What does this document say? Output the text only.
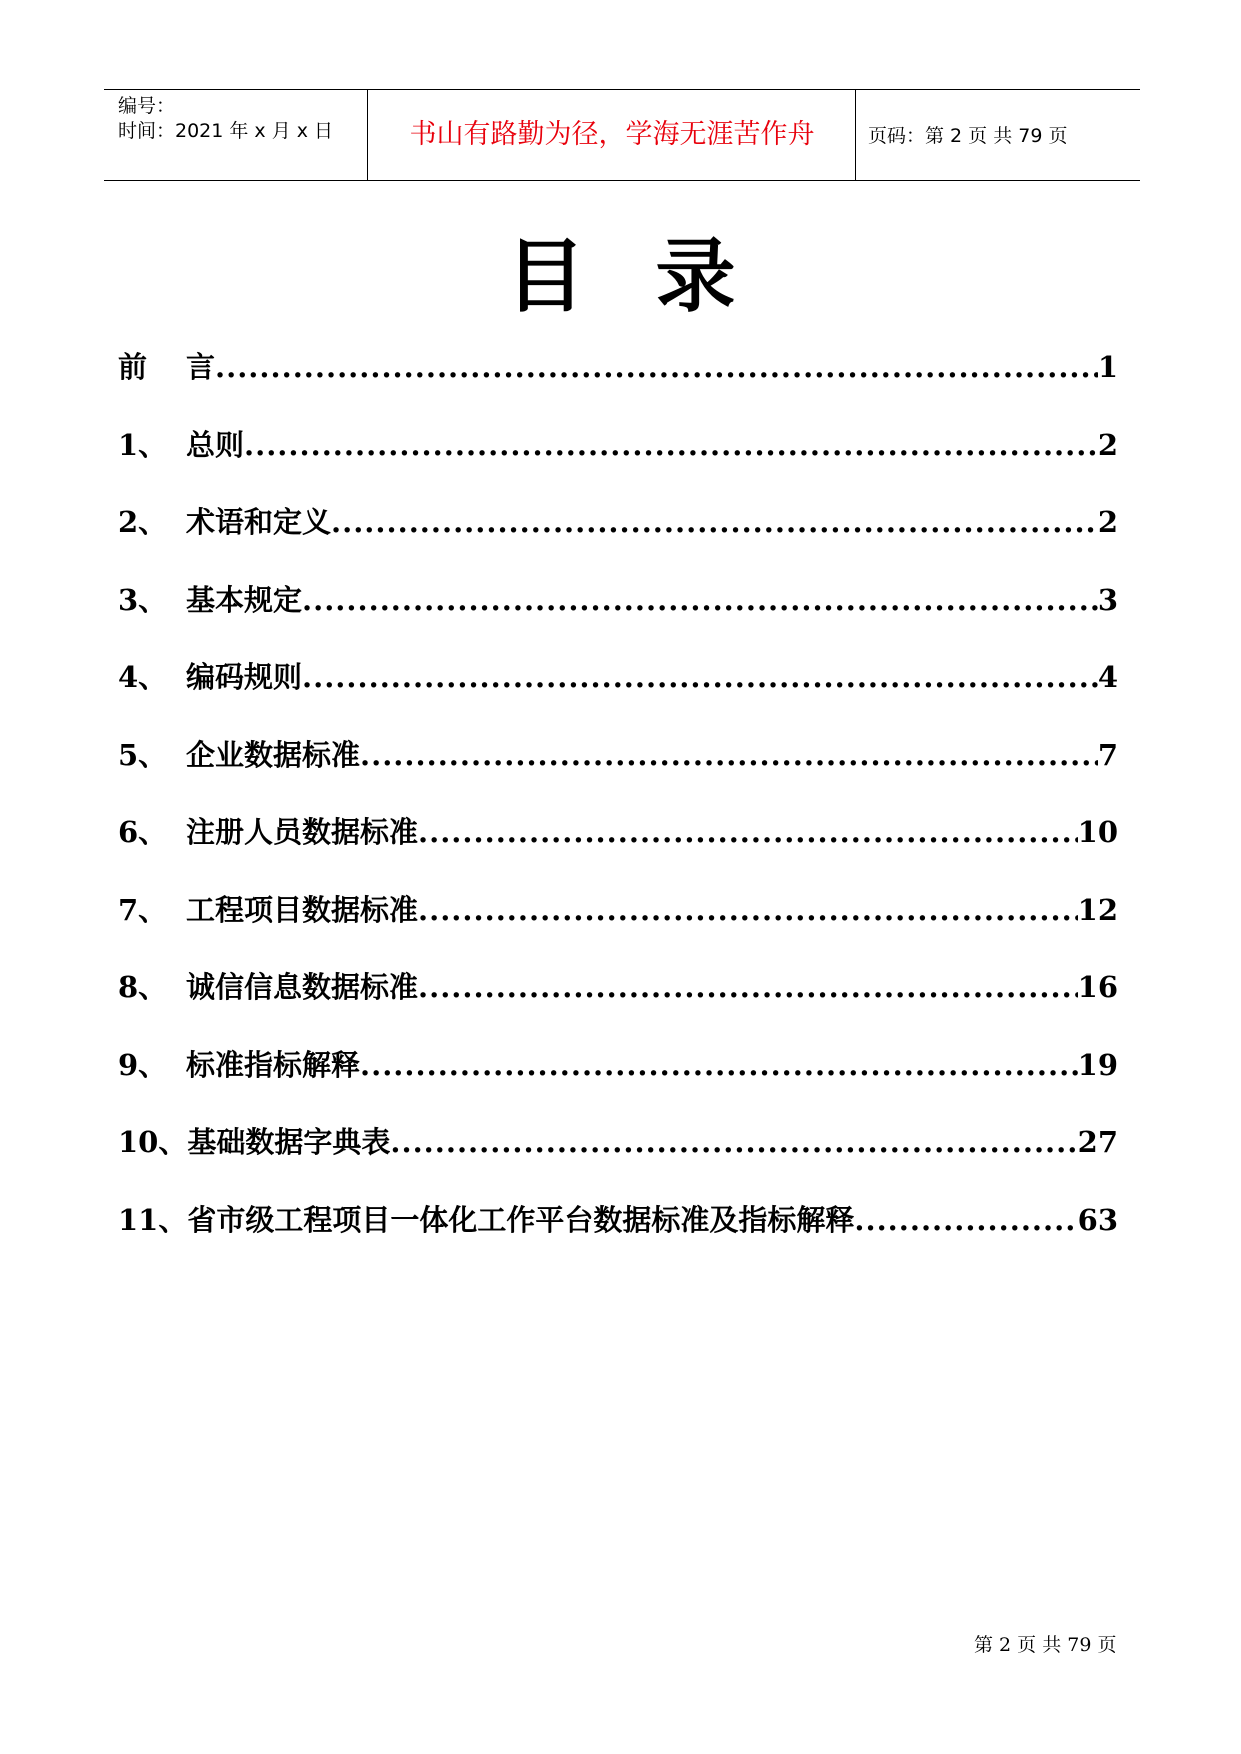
编号：
时间：2021 年 x 月 x 日	书山有路勤为径，学海无涯苦作舟	页码：第 2 页 共 79 页
目录
前	言 .....	1
1、 总则 .....	2
2、 术语和定义 .....	2
3、 基本规定 .....	3
4、 编码规则 .....	4
5、 企业数据标准 .....	7
6、 注册人员数据标准 .....	10
7、 工程项目数据标准 .....	12
8、 诚信信息数据标准 .....	16
9、 标准指标解释 .....	19
10、 基础数据字典表 .....	27
11、 省市级工程项目一体化工作平台数据标准及指标解释 .....	63
第 2 页 共 79 页
